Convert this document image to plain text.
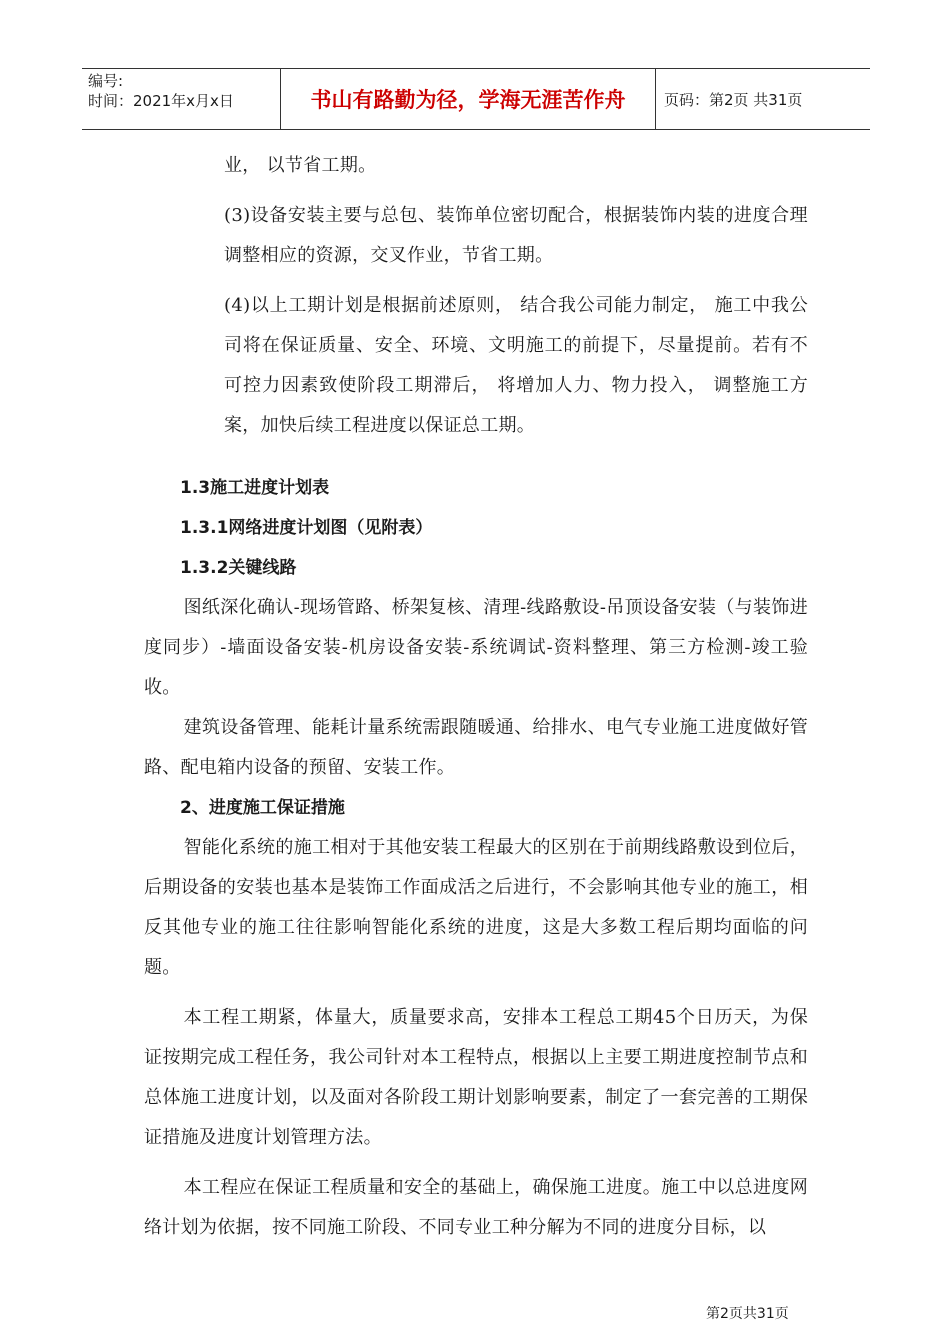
编号:
时间：2021年x月x日	书山有路勤为径，学海无涯苦作舟	页码：第2页 共31页

业， 以节省工期。

(3)设备安装主要与总包、装饰单位密切配合，根据装饰内装的进度合理调整相应的资源，交叉作业，节省工期。

(4)以上工期计划是根据前述原则， 结合我公司能力制定， 施工中我公司将在保证质量、安全、环境、文明施工的前提下，尽量提前。若有不可控力因素致使阶段工期滞后， 将增加人力、物力投入， 调整施工方案，加快后续工程进度以保证总工期。

1.3施工进度计划表

1.3.1网络进度计划图（见附表）

1.3.2关键线路

图纸深化确认-现场管路、桥架复核、清理-线路敷设-吊顶设备安装（与装饰进度同步）-墙面设备安装-机房设备安装-系统调试-资料整理、第三方检测-竣工验收。

建筑设备管理、能耗计量系统需跟随暖通、给排水、电气专业施工进度做好管路、配电箱内设备的预留、安装工作。

2、进度施工保证措施

智能化系统的施工相对于其他安装工程最大的区别在于前期线路敷设到位后，后期设备的安装也基本是装饰工作面成活之后进行，不会影响其他专业的施工，相反其他专业的施工往往影响智能化系统的进度，这是大多数工程后期均面临的问题。

本工程工期紧，体量大，质量要求高，安排本工程总工期45个日历天，为保证按期完成工程任务，我公司针对本工程特点，根据以上主要工期进度控制节点和总体施工进度计划，以及面对各阶段工期计划影响要素，制定了一套完善的工期保证措施及进度计划管理方法。

本工程应在保证工程质量和安全的基础上，确保施工进度。施工中以总进度网络计划为依据，按不同施工阶段、不同专业工种分解为不同的进度分目标，以

第2页共31页
